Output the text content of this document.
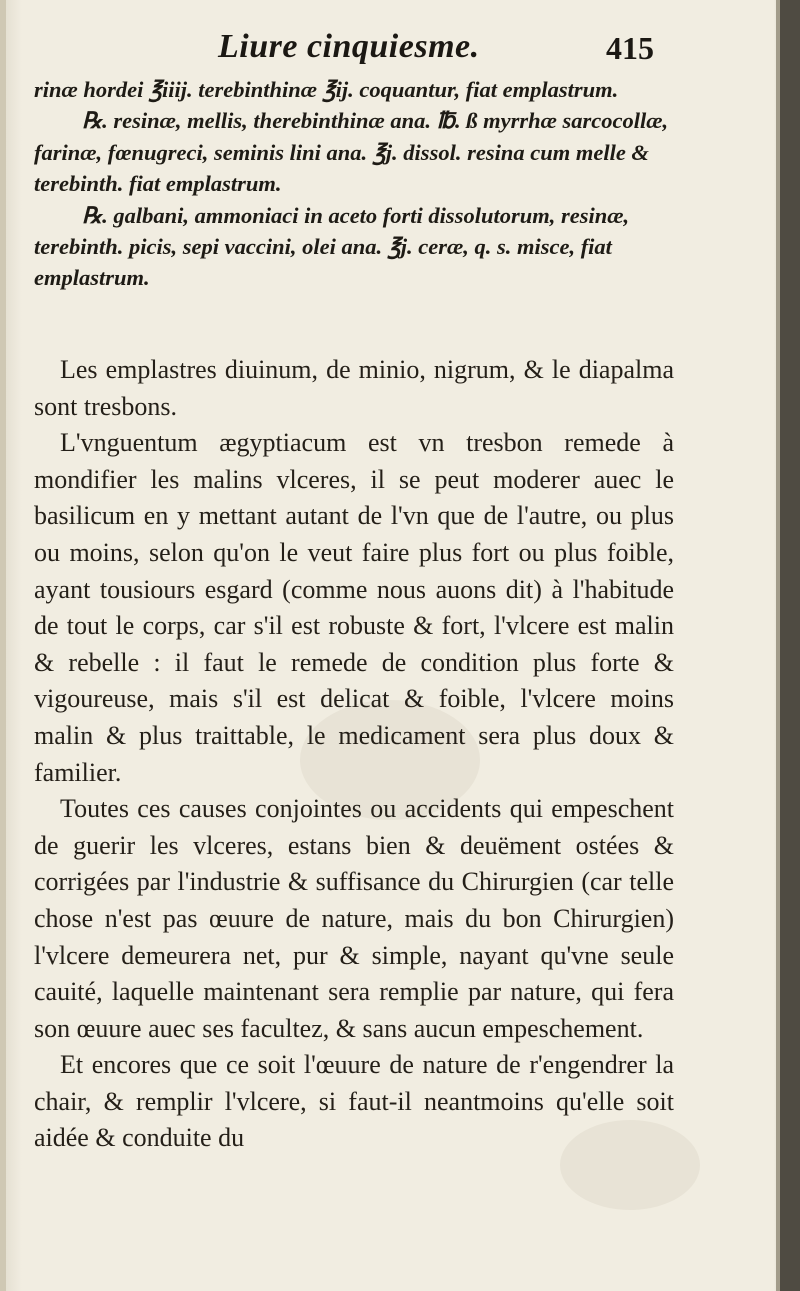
Liure cinquiesme.	415

rinæ hordei ℥iiij. terebinthinæ ℥ij. coquantur, fiat emplastrum.

℞. resinæ, mellis, therebinthinæ ana. ℔. ß myrrhæ sarcocollæ, farinæ, fœnugreci, seminis lini ana. ℥j. dissol. resina cum melle & terebinth. fiat emplastrum.

℞. galbani, ammoniaci in aceto forti dissolutorum, resinæ, terebinth. picis, sepi vaccini, olei ana. ℥j. ceræ, q. s. misce, fiat emplastrum.

Les emplastres diuinum, de minio, nigrum, & le diapalma sont tresbons.

L'vnguentum ægyptiacum est vn tresbon remede à mondifier les malins vlceres, il se peut moderer auec le basilicum en y mettant autant de l'vn que de l'autre, ou plus ou moins, selon qu'on le veut faire plus fort ou plus foible, ayant tousiours esgard (comme nous auons dit) à l'habitude de tout le corps, car s'il est robuste & fort, l'vlcere est malin & rebelle : il faut le remede de condition plus forte & vigoureuse, mais s'il est delicat & foible, l'vlcere moins malin & plus traittable, le medicament sera plus doux & familier.

Toutes ces causes conjointes ou accidents qui empeschent de guerir les vlceres, estans bien & deuëment ostées & corrigées par l'industrie & suffisance du Chirurgien (car telle chose n'est pas œuure de nature, mais du bon Chirurgien) l'vlcere demeurera net, pur & simple, nayant qu'vne seule cauité, laquelle maintenant sera remplie par nature, qui fera son œuure auec ses facultez, & sans aucun empeschement.

Et encores que ce soit l'œuure de nature de r'engendrer la chair, & remplir l'vlcere, si faut-il neantmoins qu'elle soit aidée & conduite du
